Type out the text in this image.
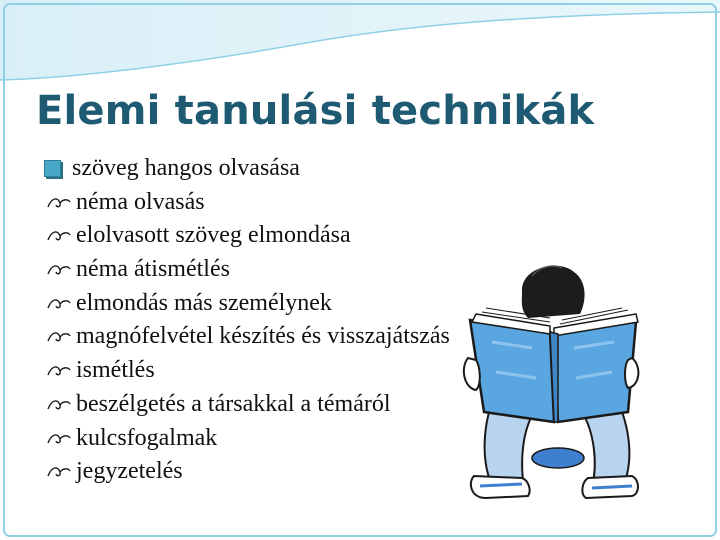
Elemi tanulási technikák
szöveg hangos olvasása
néma olvasás
elolvasott szöveg elmondása
néma átismétlés
elmondás más személynek
magnófelvétel készítés és visszajátszás
ismétlés
beszélgetés a társakkal a témáról
kulcsfogalmak
jegyzetelés
